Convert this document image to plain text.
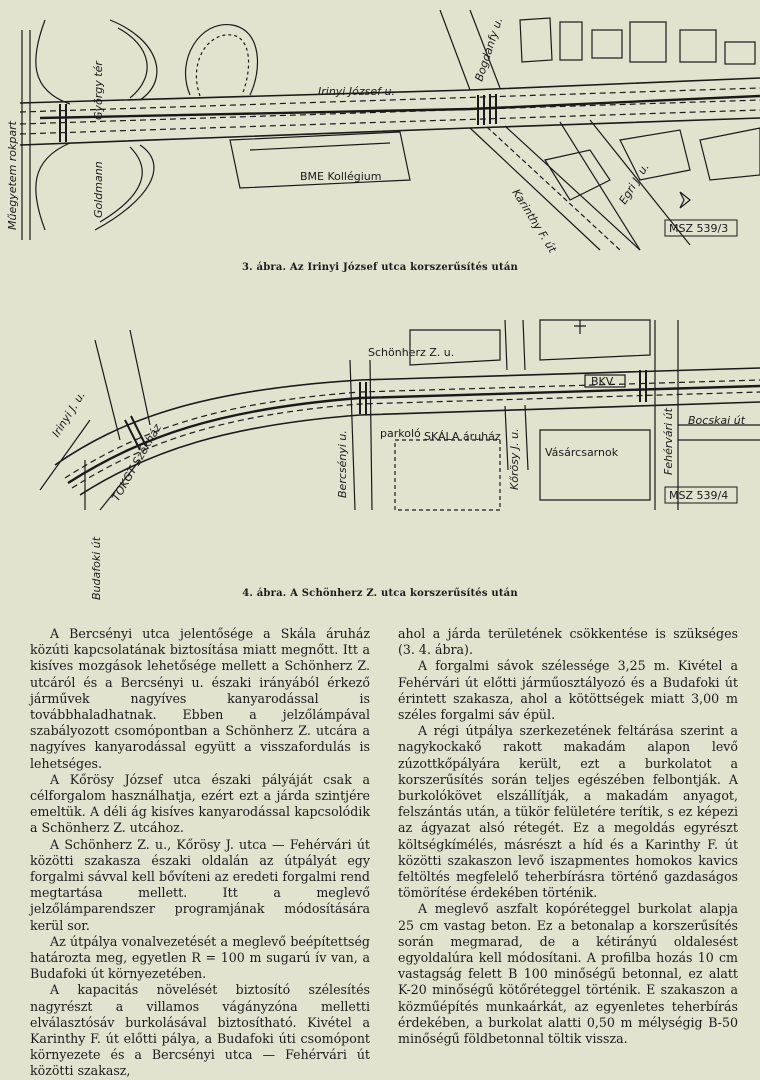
Műegyetem rokpart
György tér
Goldmann
Irinyi József u.
Bogdánfy u.
BME Kollégium
Karinthy F. út
Egri J. u.
MSZ 539/3
3. ábra. Az Irinyi József utca korszerűsítés után
Schönherz Z. u.
Irinyi J. u.
TOKGT Székház
Budafoki út
Bercsényi u.	parkoló SKÁLA áruház Kőrösy J. u. Vásárcsarnok
BKV
Fehérvári út Bocskai út
MSZ 539/4
4. ábra. A Schönherz Z. utca korszerűsítés után

A Bercsényi utca jelentősége a Skála áruház közúti kapcsolatának biztosítása miatt megnőtt. Itt a kisíves mozgások lehetősége mellett a Schönherz Z. utcáról és a Bercsényi u. északi irányából érkező járművek nagyíves kanyarodással is továbbhaladhatnak. Ebben a jelzőlámpával szabályozott csomópontban a Schönherz Z. utcára a nagyíves kanyarodással együtt a visszafordulás is lehetséges.

A Kőrösy József utca északi pályáját csak a célforgalom használhatja, ezért ezt a járda szintjére emeltük. A déli ág kisíves kanyarodással kapcsolódik a Schönherz Z. utcához.

A Schönherz Z. u., Kőrösy J. utca — Fehérvári út közötti szakasza északi oldalán az útpályát egy forgalmi sávval kell bővíteni az eredeti forgalmi rend megtartása mellett. Itt a meglevő jelzőlámparendszer programjának módosítására kerül sor.

Az útpálya vonalvezetését a meglevő beépítettség határozta meg, egyetlen R = 100 m sugarú ív van, a Budafoki út környezetében.

A kapacitás növelését biztosító szélesítés nagyrészt a villamos vágányzóna melletti elválasztósáv burkolásával biztosítható. Kivétel a Karinthy F. út előtti pálya, a Budafoki úti csomópont környezete és a Bercsényi utca — Fehérvári út közötti szakasz,

ahol a járda területének csökkentése is szükséges (3. 4. ábra).

A forgalmi sávok szélessége 3,25 m. Kivétel a Fehérvári út előtti járműosztályozó és a Budafoki út érintett szakasza, ahol a kötöttségek miatt 3,00 m széles forgalmi sáv épül.

A régi útpálya szerkezetének feltárása szerint a nagykockakő rakott makadám alapon levő zúzottkőpályára került, ezt a burkolatot a korszerűsítés során teljes egészében felbontják. A burkolókövet elszállítják, a makadám anyagot, felszántás után, a tükör felületére terítik, s ez képezi az ágyazat alsó rétegét. Ez a megoldás egyrészt költségkímélés, másrészt a híd és a Karinthy F. út közötti szakaszon levő iszapmentes homokos kavics feltöltés megfelelő teherbírásra történő gazdaságos tömörítése érdekében történik.

A meglevő aszfalt kopóréteggel burkolat alapja 25 cm vastag beton. Ez a betonalap a korszerűsítés során megmarad, de a kétirányú oldalesést egyoldalúra kell módosítani. A profilba hozás 10 cm vastagság felett B 100 minőségű betonnal, ez alatt K-20 minőségű kötőréteggel történik. E szakaszon a közműépítés munkaárkát, az egyenletes teherbírás érdekében, a burkolat alatti 0,50 m mélységig B-50 minőségű földbetonnal töltik vissza.
